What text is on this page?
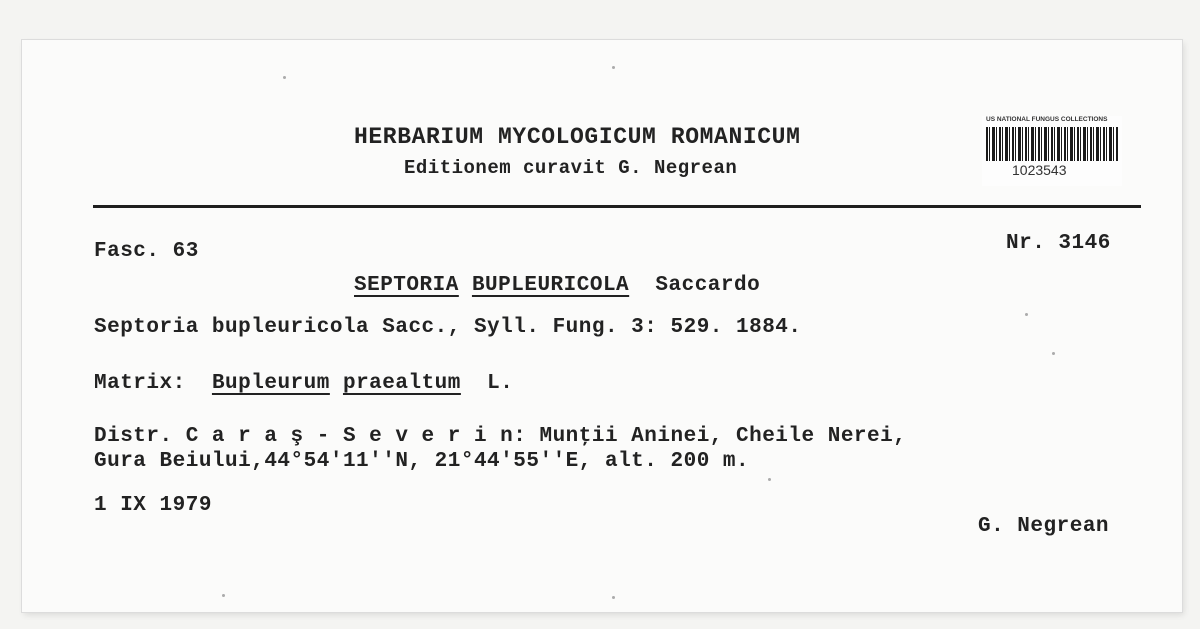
HERBARIUM MYCOLOGICUM ROMANICUM
Editionem curavit G. Negrean
US NATIONAL FUNGUS COLLECTIONS
1023543
Fasc. 63	Nr. 3146
SEPTORIA BUPLEURICOLA Saccardo
Septoria bupleuricola Sacc., Syll. Fung. 3: 529. 1884.
Matrix: Bupleurum praealtum L.
Distr. C a r a ş - S e v e r i n: Munţii Aninei, Cheile Nerei,
Gura Beiului,44°54'11''N, 21°44'55''E, alt. 200 m.
1 IX 1979
G. Negrean
